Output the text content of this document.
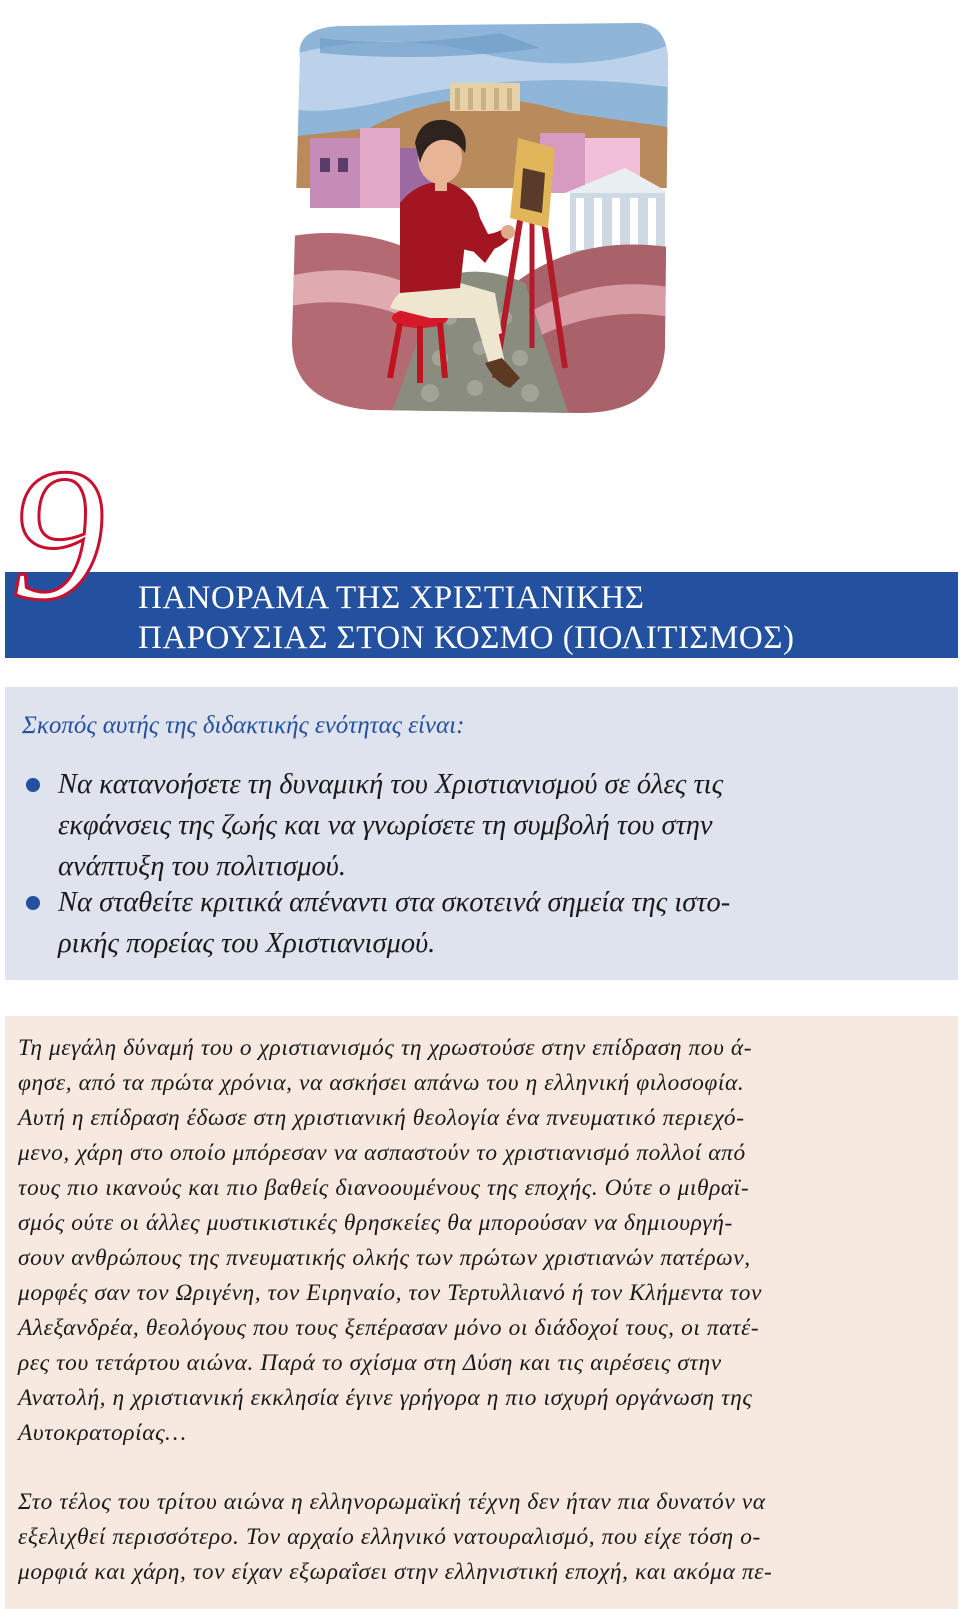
9 ΠΑΝΟΡΑΜΑ ΤΗΣ ΧΡΙΣΤΙΑΝΙΚΗΣ
ΠΑΡΟΥΣΙΑΣ ΣΤΟΝ ΚΟΣΜΟ (ΠΟΛΙΤΙΣΜΟΣ)
Σκοπός αυτής της διδακτικής ενότητας είναι:
Να κατανοήσετε τη δυναμική του Χριστιανισμού σε όλες τις
εκφάνσεις της ζωής και να γνωρίσετε τη συμβολή του στην
ανάπτυξη του πολιτισμού.
Να σταθείτε κριτικά απέναντι στα σκοτεινά σημεία της ιστο-
ρικής πορείας του Χριστιανισμού.
Τη μεγάλη δύναμή του ο χριστιανισμός τη χρωστούσε στην επίδραση που ά-
φησε, από τα πρώτα χρόνια, να ασκήσει απάνω του η ελληνική φιλοσοφία.
Αυτή η επίδραση έδωσε στη χριστιανική θεολογία ένα πνευματικό περιεχό-
μενο, χάρη στο οποίο μπόρεσαν να ασπαστούν το χριστιανισμό πολλοί από
τους πιο ικανούς και πιο βαθείς διανοουμένους της εποχής. Ούτε ο μιθραϊ-
σμός ούτε οι άλλες μυστικιστικές θρησκείες θα μπορούσαν να δημιουργή-
σουν ανθρώπους της πνευματικής ολκής των πρώτων χριστιανών πατέρων,
μορφές σαν τον Ωριγένη, τον Ειρηναίο, τον Τερτυλλιανό ή τον Κλήμεντα τον
Αλεξανδρέα, θεολόγους που τους ξεπέρασαν μόνο οι διάδοχοί τους, οι πατέ-
ρες του τετάρτου αιώνα. Παρά το σχίσμα στη Δύση και τις αιρέσεις στην
Ανατολή, η χριστιανική εκκλησία έγινε γρήγορα η πιο ισχυρή οργάνωση της
Αυτοκρατορίας…
Στο τέλος του τρίτου αιώνα η ελληνορωμαϊκή τέχνη δεν ήταν πια δυνατόν να
εξελιχθεί περισσότερο. Τον αρχαίο ελληνικό νατουραλισμό, που είχε τόση ο-
μορφιά και χάρη, τον είχαν εξωραΐσει στην ελληνιστική εποχή, και ακόμα πε-
